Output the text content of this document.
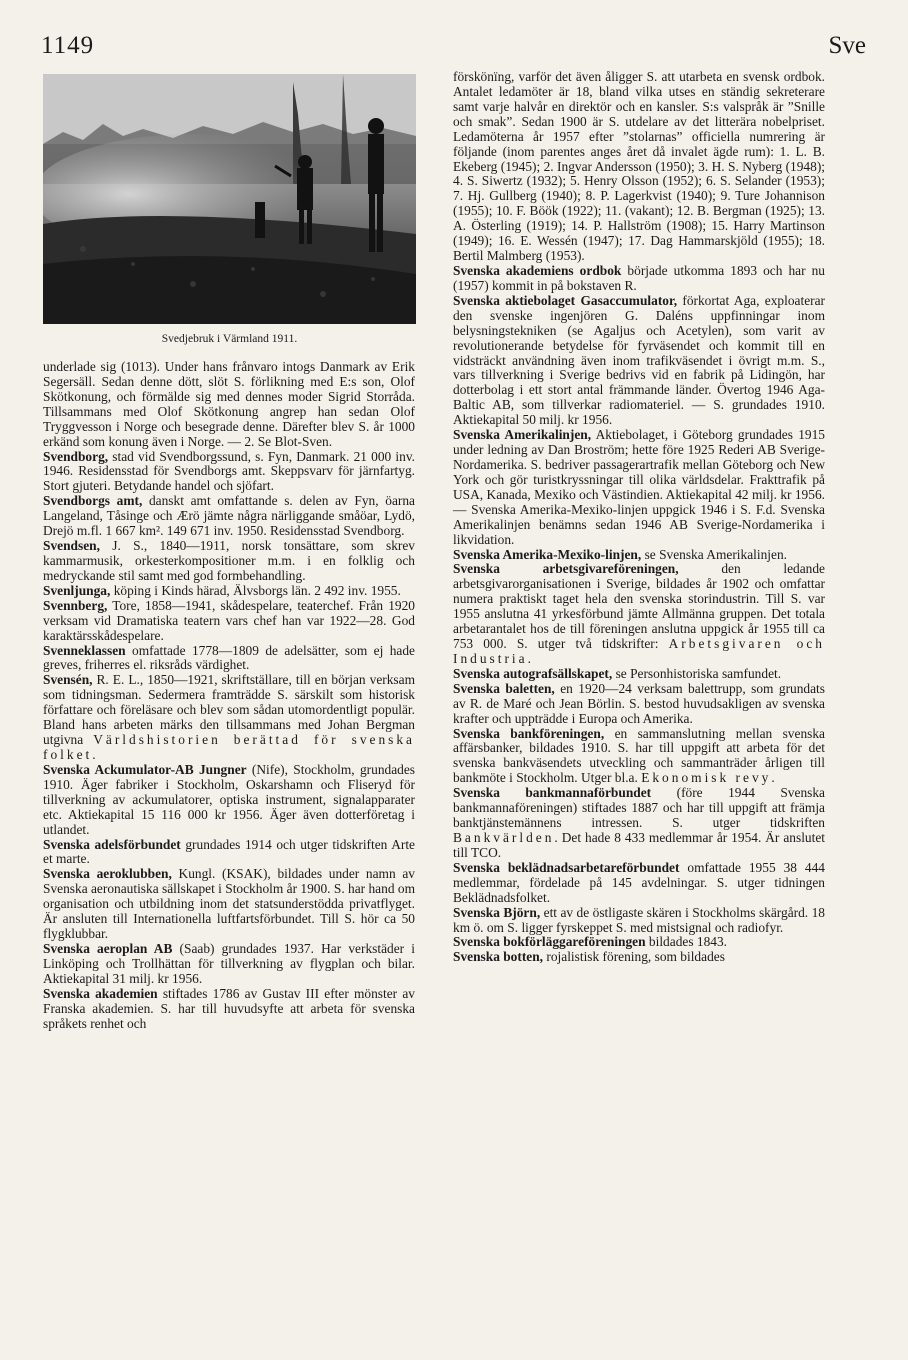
1149	Sve
Svedjebruk i Värmland 1911.

underlade sig (1013). Under hans frånvaro intogs Danmark av Erik Segersäll. Sedan denne dött, slöt S. förlikning med E:s son, Olof Skötkonung, och förmälde sig med dennes moder Sigrid Storråda. Tillsammans med Olof Skötkonung angrep han sedan Olof Tryggvesson i Norge och besegrade denne. Därefter blev S. år 1000 erkänd som konung även i Norge. — 2. Se Blot-Sven.

Svendborg, stad vid Svendborgssund, s. Fyn, Danmark. 21 000 inv. 1946. Residensstad för Svendborgs amt. Skeppsvarv för järnfartyg. Stort gjuteri. Betydande handel och sjöfart.

Svendborgs amt, danskt amt omfattande s. delen av Fyn, öarna Langeland, Tåsinge och Ærö jämte några närliggande småöar, Lydö, Drejö m.fl. 1 667 km². 149 671 inv. 1950. Residensstad Svendborg.

Svendsen, J. S., 1840—1911, norsk tonsättare, som skrev kammarmusik, orkesterkompositioner m.m. i en folklig och medryckande stil samt med god formbehandling.

Svenljunga, köping i Kinds härad, Älvsborgs län. 2 492 inv. 1955.

Svennberg, Tore, 1858—1941, skådespelare, teaterchef. Från 1920 verksam vid Dramatiska teatern vars chef han var 1922—28. God karaktärsskådespelare.

Svenneklassen omfattade 1778—1809 de adelsätter, som ej hade greves, friherres el. riksråds värdighet.

Svensén, R. E. L., 1850—1921, skriftställare, till en början verksam som tidningsman. Sedermera framträdde S. särskilt som historisk författare och föreläsare och blev som sådan utomordentligt populär. Bland hans arbeten märks den tillsammans med Johan Bergman utgivna Världshistorien berättad för svenska folket.

Svenska Ackumulator-AB Jungner (Nife), Stockholm, grundades 1910. Äger fabriker i Stockholm, Oskarshamn och Fliseryd för tillverkning av ackumulatorer, optiska instrument, signalapparater etc. Aktiekapital 15 116 000 kr 1956. Äger även dotterföretag i utlandet.

Svenska adelsförbundet grundades 1914 och utger tidskriften Arte et marte.

Svenska aeroklubben, Kungl. (KSAK), bildades under namn av Svenska aeronautiska sällskapet i Stockholm år 1900. S. har hand om organisation och utbildning inom det statsunderstödda privatflyget. Är ansluten till Internationella luftfartsförbundet. Till S. hör ca 50 flygklubbar.

Svenska aeroplan AB (Saab) grundades 1937. Har verkstäder i Linköping och Trollhättan för tillverkning av flygplan och bilar. Aktiekapital 31 milj. kr 1956.

Svenska akademien stiftades 1786 av Gustav III efter mönster av Franska akademien. S. har till huvudsyfte att arbeta för svenska språkets renhet och

förskönïng, varför det även åligger S. att utarbeta en svensk ordbok. Antalet ledamöter är 18, bland vilka utses en ständig sekreterare samt varje halvår en direktör och en kansler. S:s valspråk är ”Snille och smak”. Sedan 1900 är S. utdelare av det litterära nobelpriset. Ledamöterna år 1957 efter ”stolarnas” officiella numrering är följande (inom parentes anges året då invalet ägde rum): 1. L. B. Ekeberg (1945); 2. Ingvar Andersson (1950); 3. H. S. Nyberg (1948); 4. S. Siwertz (1932); 5. Henry Olsson (1952); 6. S. Selander (1953); 7. Hj. Gullberg (1940); 8. P. Lagerkvist (1940); 9. Ture Johannison (1955); 10. F. Böök (1922); 11. (vakant); 12. B. Bergman (1925); 13. A. Österling (1919); 14. P. Hallström (1908); 15. Harry Martinson (1949); 16. E. Wessén (1947); 17. Dag Hammarskjöld (1955); 18. Bertil Malmberg (1953).

Svenska akademiens ordbok började utkomma 1893 och har nu (1957) kommit in på bokstaven R.

Svenska aktiebolaget Gasaccumulator, förkortat Aga, exploaterar den svenske ingenjören G. Daléns uppfinningar inom belysningstekniken (se Agaljus och Acetylen), som varit av revolutionerande betydelse för fyrväsendet och kommit till en vidsträckt användning även inom trafikväsendet i övrigt m.m. S., vars tillverkning i Sverige bedrivs vid en fabrik på Lidingön, har dotterbolag i ett stort antal främmande länder. Övertog 1946 Aga-Baltic AB, som tillverkar radiomateriel. — S. grundades 1910. Aktiekapital 50 milj. kr 1956.

Svenska Amerikalinjen, Aktiebolaget, i Göteborg grundades 1915 under ledning av Dan Broström; hette före 1925 Rederi AB Sverige-Nordamerika. S. bedriver passagerartrafik mellan Göteborg och New York och gör turistkryssningar till olika världsdelar. Frakttrafik på USA, Kanada, Mexiko och Västindien. Aktiekapital 42 milj. kr 1956. — Svenska Amerika-Mexiko-linjen uppgick 1946 i S. F.d. Svenska Amerikalinjen benämns sedan 1946 AB Sverige-Nordamerika i likvidation.

Svenska Amerika-Mexiko-linjen, se Svenska Amerikalinjen.

Svenska arbetsgivareföreningen, den ledande arbetsgivarorganisationen i Sverige, bildades år 1902 och omfattar numera praktiskt taget hela den svenska storindustrin. Till S. var 1955 anslutna 41 yrkesförbund jämte Allmänna gruppen. Det totala arbetarantalet hos de till föreningen anslutna uppgick år 1955 till ca 753 000. S. utger två tidskrifter: Arbetsgivaren och Industria.

Svenska autografsällskapet, se Personhistoriska samfundet.

Svenska baletten, en 1920—24 verksam balettrupp, som grundats av R. de Maré och Jean Börlin. S. bestod huvudsakligen av svenska krafter och uppträdde i Europa och Amerika.

Svenska bankföreningen, en sammanslutning mellan svenska affärsbanker, bildades 1910. S. har till uppgift att arbeta för det svenska bankväsendets utveckling och sammanträder årligen till bankmöte i Stockholm. Utger bl.a. Ekonomisk revy.

Svenska bankmannaförbundet (före 1944 Svenska bankmannaföreningen) stiftades 1887 och har till uppgift att främja banktjänstemännens intressen. S. utger tidskriften Bankvärlden. Det hade 8 433 medlemmar år 1954. Är anslutet till TCO.

Svenska beklädnadsarbetareförbundet omfattade 1955 38 444 medlemmar, fördelade på 145 avdelningar. S. utger tidningen Beklädnadsfolket.

Svenska Björn, ett av de östligaste skären i Stockholms skärgård. 18 km ö. om S. ligger fyrskeppet S. med mistsignal och radiofyr.

Svenska bokförläggareföreningen bildades 1843.

Svenska botten, rojalistisk förening, som bildades
